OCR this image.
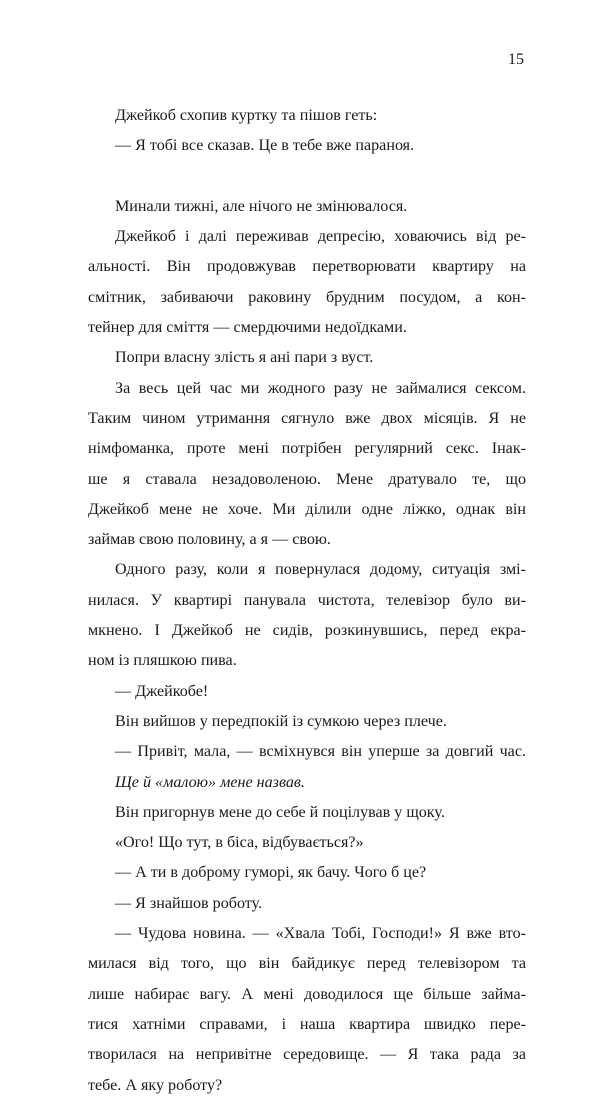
15
Джейкоб схопив куртку та пішов геть:
— Я тобі все сказав. Це в тебе вже параноя.
Минали тижні, але нічого не змінювалося.
Джейкоб і далі переживав депресію, ховаючись від ре-
альності. Він продовжував перетворювати квартиру на
смітник, забиваючи раковину брудним посудом, а кон-
тейнер для сміття — смердючими недоїдками.
Попри власну злість я ані пари з вуст.
За весь цей час ми жодного разу не займалися сексом.
Таким чином утримання сягнуло вже двох місяців. Я не
німфоманка, проте мені потрібен регулярний секс. Інак-
ше я ставала незадоволеною. Мене дратувало те, що
Джейкоб мене не хоче. Ми ділили одне ліжко, однак він
займав свою половину, а я — свою.
Одного разу, коли я повернулася додому, ситуація змі-
нилася. У квартирі панувала чистота, телевізор було ви-
мкнено. І Джейкоб не сидів, розкинувшись, перед екра-
ном із пляшкою пива.
— Джейкобе!
Він вийшов у передпокій із сумкою через плече.
— Привіт, мала, — всміхнувся він уперше за довгий час.
Ще й «малою» мене назвав.
Він пригорнув мене до себе й поцілував у щоку.
«Ого! Що тут, в біса, відбувається?»
— А ти в доброму гуморі, як бачу. Чого б це?
— Я знайшов роботу.
— Чудова новина. — «Хвала Тобі, Господи!» Я вже вто-
милася від того, що він байдикує перед телевізором та
лише набирає вагу. А мені доводилося ще більше займа-
тися хатніми справами, і наша квартира швидко пере-
творилася на непривітне середовище. — Я така рада за
тебе. А яку роботу?
